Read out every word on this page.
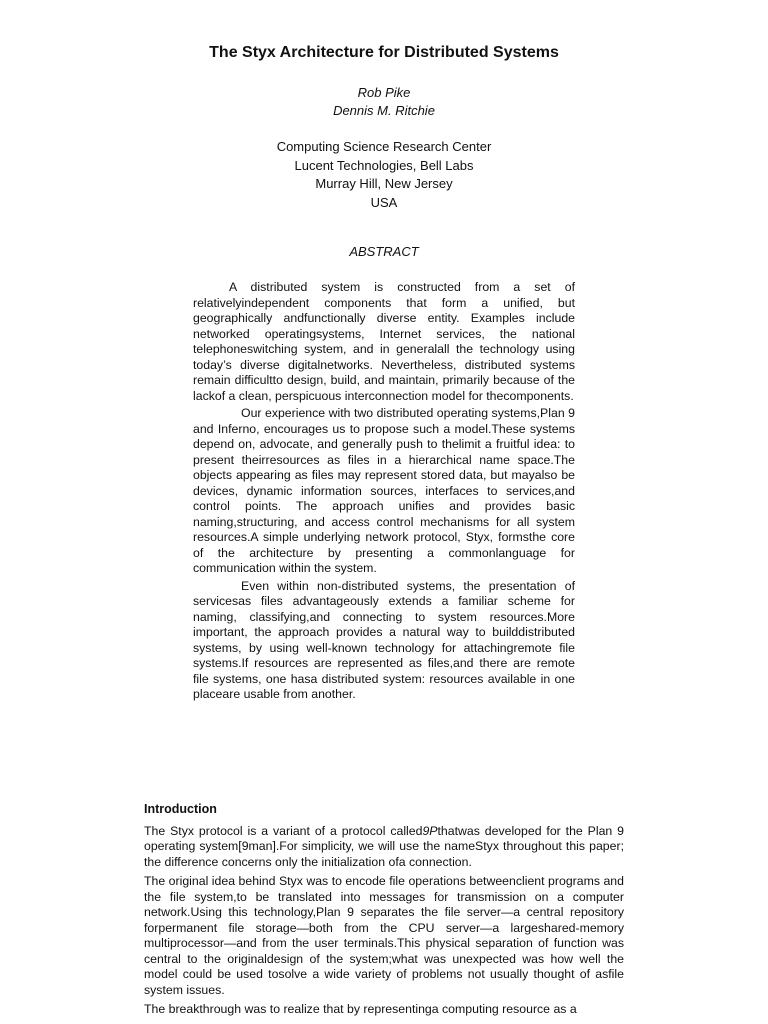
The Styx Architecture for Distributed Systems
Rob Pike
Dennis M. Ritchie
Computing Science Research Center
Lucent Technologies, Bell Labs
Murray Hill, New Jersey
USA
ABSTRACT

A distributed system is constructed from a set of relativelyindependent components that form a unified, but geographically andfunctionally diverse entity. Examples include networked operatingsystems, Internet services, the national telephoneswitching system, and in generalall the technology using today’s diverse digitalnetworks. Nevertheless, distributed systems remain difficultto design, build, and maintain, primarily because of the lackof a clean, perspicuous interconnection model for thecomponents.

Our experience with two distributed operating systems,Plan 9 and Inferno, encourages us to propose such a model.These systems depend on, advocate, and generally push to thelimit a fruitful idea: to present theirresources as files in a hierarchical name space.The objects appearing as files may represent stored data, but mayalso be devices, dynamic information sources, interfaces to services,and control points. The approach unifies and provides basic naming,structuring, and access control mechanisms for all system resources.A simple underlying network protocol, Styx, formsthe core of the architecture by presenting a commonlanguage for communication within the system.

Even within non-distributed systems, the presentation of servicesas files advantageously extends a familiar scheme for naming, classifying,and connecting to system resources.More important, the approach provides a natural way to builddistributed systems, by using well-known technology for attachingremote file systems.If resources are represented as files,and there are remote file systems, one hasa distributed system: resources available in one placeare usable from another.

Introduction

The Styx protocol is a variant of a protocol called9Pthatwas developed for the Plan 9 operating system[9man].For simplicity, we will use the nameStyx throughout this paper; the difference concerns only the initialization ofa connection.

The original idea behind Styx was to encode file operations betweenclient programs and the file system,to be translated into messages for transmission on a computer network.Using this technology,Plan 9 separates the file server—a central repository forpermanent file storage—both from the CPU server—a largeshared-memory multiprocessor—and from the user terminals.This physical separation of function was central to the originaldesign of the system;what was unexpected was how well the model could be used tosolve a wide variety of problems not usually thought of asfile system issues.

The breakthrough was to realize that by representinga computing resource as a
